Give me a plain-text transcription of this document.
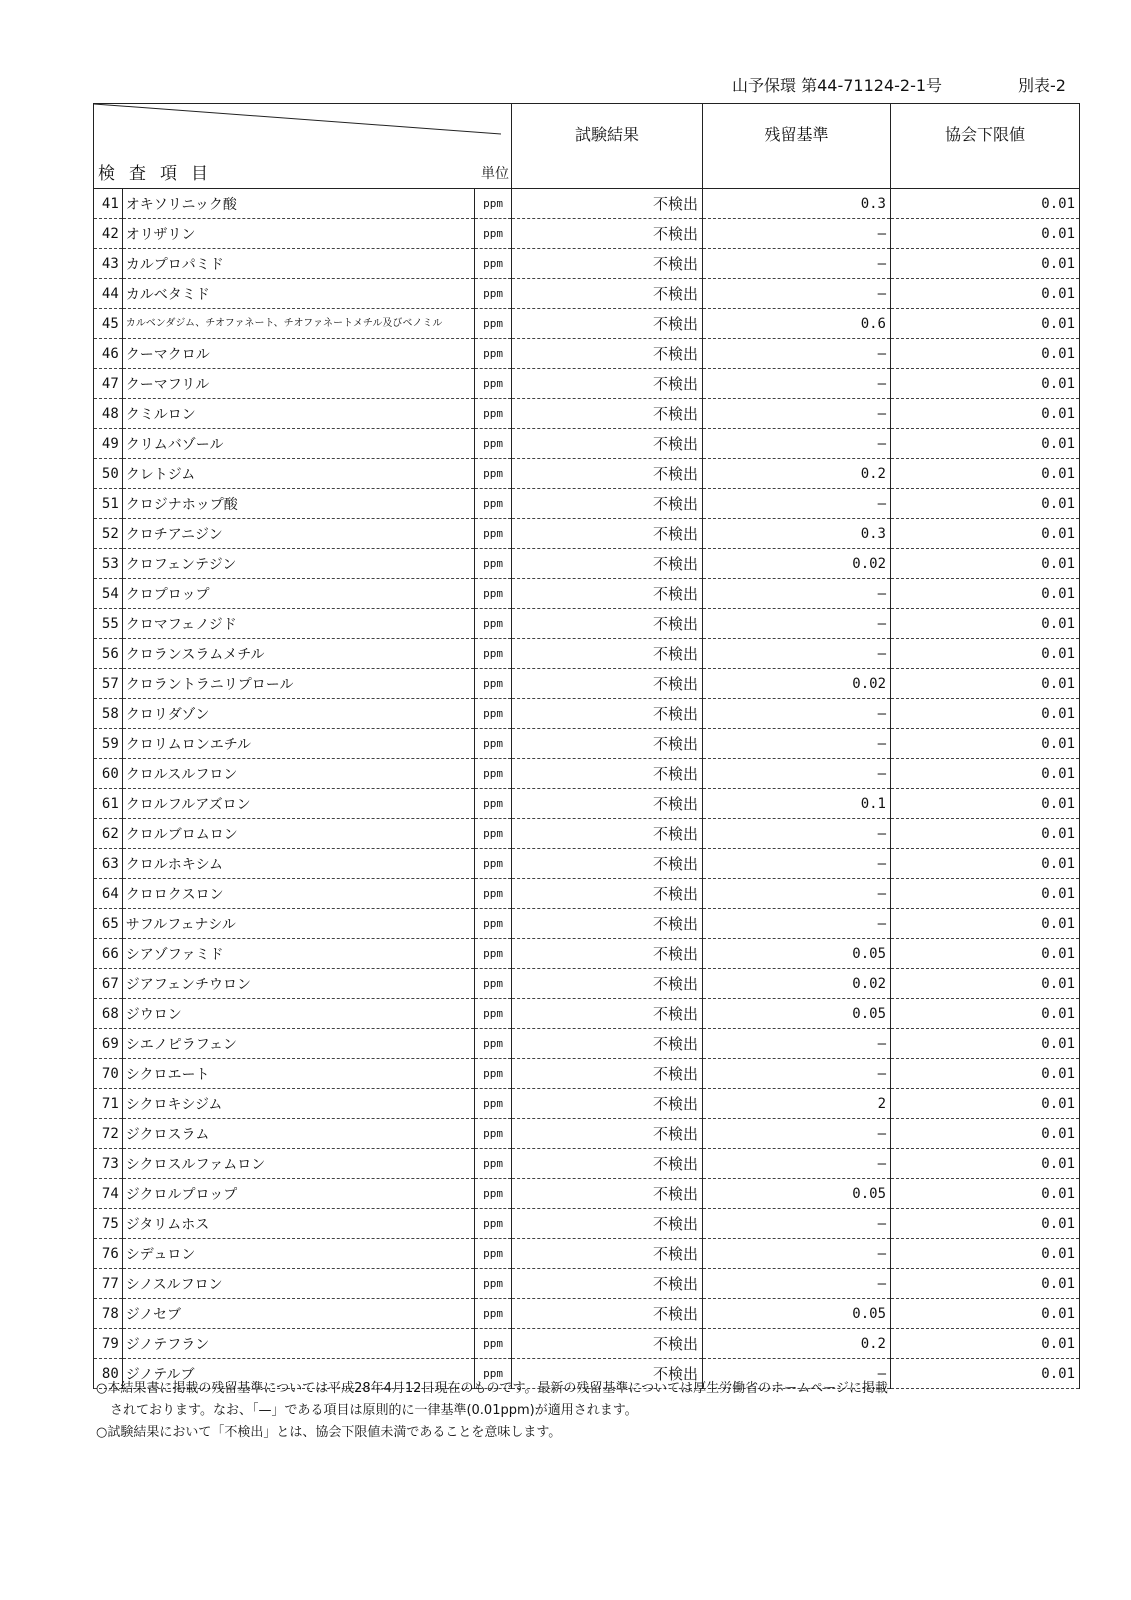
山予保環 第44-71124-2-1号	別表-2
検査項目 単位			試験結果	残留基準	協会下限値
41	オキソリニック酸	ppm	不検出	0.3	0.01
42	オリザリン	ppm	不検出	—	0.01
43	カルプロパミド	ppm	不検出	—	0.01
44	カルベタミド	ppm	不検出	—	0.01
45	カルベンダジム、チオファネート、チオファネートメチル及びベノミル	ppm	不検出	0.6	0.01
46	クーマクロル	ppm	不検出	—	0.01
47	クーマフリル	ppm	不検出	—	0.01
48	クミルロン	ppm	不検出	—	0.01
49	クリムバゾール	ppm	不検出	—	0.01
50	クレトジム	ppm	不検出	0.2	0.01
51	クロジナホップ酸	ppm	不検出	—	0.01
52	クロチアニジン	ppm	不検出	0.3	0.01
53	クロフェンテジン	ppm	不検出	0.02	0.01
54	クロプロップ	ppm	不検出	—	0.01
55	クロマフェノジド	ppm	不検出	—	0.01
56	クロランスラムメチル	ppm	不検出	—	0.01
57	クロラントラニリプロール	ppm	不検出	0.02	0.01
58	クロリダゾン	ppm	不検出	—	0.01
59	クロリムロンエチル	ppm	不検出	—	0.01
60	クロルスルフロン	ppm	不検出	—	0.01
61	クロルフルアズロン	ppm	不検出	0.1	0.01
62	クロルブロムロン	ppm	不検出	—	0.01
63	クロルホキシム	ppm	不検出	—	0.01
64	クロロクスロン	ppm	不検出	—	0.01
65	サフルフェナシル	ppm	不検出	—	0.01
66	シアゾファミド	ppm	不検出	0.05	0.01
67	ジアフェンチウロン	ppm	不検出	0.02	0.01
68	ジウロン	ppm	不検出	0.05	0.01
69	シエノピラフェン	ppm	不検出	—	0.01
70	シクロエート	ppm	不検出	—	0.01
71	シクロキシジム	ppm	不検出	2	0.01
72	ジクロスラム	ppm	不検出	—	0.01
73	シクロスルファムロン	ppm	不検出	—	0.01
74	ジクロルプロップ	ppm	不検出	0.05	0.01
75	ジタリムホス	ppm	不検出	—	0.01
76	シデュロン	ppm	不検出	—	0.01
77	シノスルフロン	ppm	不検出	—	0.01
78	ジノセブ	ppm	不検出	0.05	0.01
79	ジノテフラン	ppm	不検出	0.2	0.01
80	ジノテルブ	ppm	不検出	—	0.01
○本結果書に掲載の残留基準については平成28年4月12日現在のものです。最新の残留基準については厚生労働省のホームページに掲載
されております。なお、「—」である項目は原則的に一律基準(0.01ppm)が適用されます。
○試験結果において「不検出」とは、協会下限値未満であることを意味します。
